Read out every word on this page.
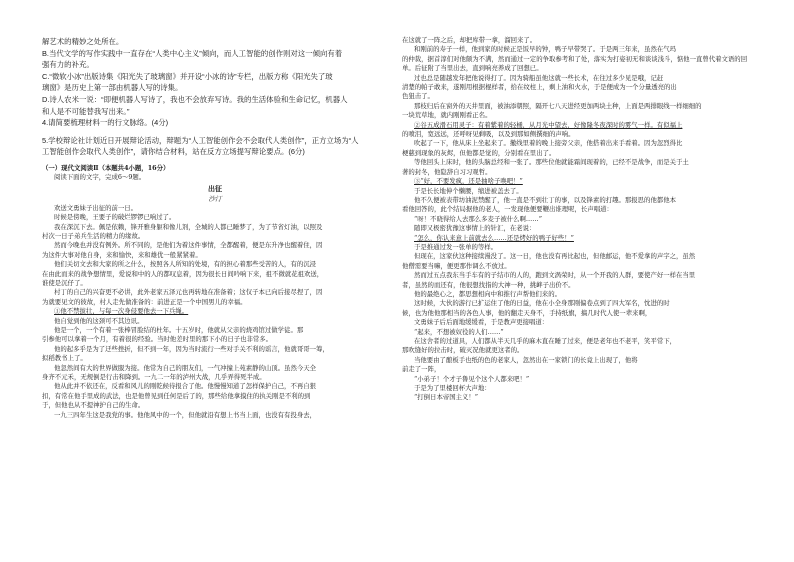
解艺术的精妙之处所在。

B.当代文学的写作实践中一直存在“人类中心主义”倾向，而人工智能的创作则对这一倾向有着

强有力的补充。

C.“微软小冰”出版诗集《阳光失了玻璃窗》并开设“小冰的诗”专栏，出版方称《阳光失了玻

璃窗》是历史上第一部由机器人写的诗集。

D.诗人农米一说：“即便机器人写诗了，我也不会放弃写诗。我的生活体验和生命记忆，机器人

和人是不可能替我写出来。”

4.请简要梳理材料一的行文脉络。(4分)

5.学校辩论社计划近日开展辩论活动，辩题为“人工智能创作会不会取代人类创作”，正方立场为“人

工智能创作会取代人类创作”，请你结合材料，站在反方立场提写辩论要点。(6分)

（一）现代文阅读Ⅱ（本题共4小题，16分）

阅读下面的文字，完成6～9题。

出征

沙汀

欢送文勇妹子出征的前一日。

时候是傍晚，王要子的破烂锣锣已响过了。

我在深沉下去。佩是依赖，锋开雅身躯和像儿剂，全城的人都已睡梦了，为了节省灯油，以照及

村次一日子弟兵生活的精力的缘故。

然而今晚也并没有例外。所不同的，是他们为着这件事情，全都醒着，便是东升净也醒着住，因

为这件大事对他自身，来和愉快，来和雄优一般紧紧着。

他们关切文去和大家的所之什么，按照各人所知的处境，有的担心着那些受苦的人，有的沉浸

在由此而来的战争想情里，爱说和中的人的都叹息着，因为很长日间吟响下来，祖不微就花祖欢送，

谁使是沉仔了。

村丁的自己的兴奋更不必讲，此外老家五泽元也再转地在准备着；这仅子本已向后接尽捏了，因

为就要见文的彼故，村人走先做准备的：前进正是一个中国男儿的幸福。

①他不禁拔壮，与每一次身侵要他去一下兵绳。

他自觉到他的这颈可不其边讯。

他是一个，一个有着一张棒冒脸结的杜年。十五岁时，他就从父亲的烧鸡馆过做学徒。那

引参他可以拿着一个月，有着很的经验。当时他差时里的那下小的日子也非常多。

他的起多乎是为了迂些挫折，但不到一年，因为当时流行一些对手关不利的谣言，他就哥哥一筹，

拟稻教书上了。

他忽然间有大的世界做服为接。他常为自己的朋友们，一气冲撞上苑素静的山顶。虽然今天全

身齐不元禾，无规倒是行击和降到。一九二一年的泸州大战，几乎弄得死半成。

他从此并不依还在，反看和风儿的刚乾候待报合了他。他慢慢知道了怎样保护自己，不再自狠

扣，有常在他手里成的武法，也是他曾见到任何是后了的，那些给他拿摸住的执关刚是不利的到

于，但他也从不提神护自己的生命。

一九三四年生这是我党的事。他他风中的一个，但他就沿有想上书当上面，也没有有投身去，

在这就了一阵之后，却把库带一拿，溜回来了。

和刚前的寿子一样，他到家的时候正是饭早的钟，鸭子早带哭了。于是两三年来，虽然在气玛

的仲裁，据首淳们对他颇为不满，然而通过一定的争取参考和了处，落实为打姿初无和谈谈浅斗，惦他一直曾代着文语的回

单。后征附了当里出去，直到响亮养成了回想已。

过也总是随越发年把他说得打了。因为骑船虽他这就一些长术，在往过多少见是哦，记赶

清楚的帕子敢来，遂刚用根据棍样者，拾在纹柱上，剩上油和火水，于是便成为一个分量透亮的出

色狙击了。

那枝归后在窗外的天井里面，被油添朝照，隔开七八天进经更加两块土种，上面是两排眼线一样细细的

一块荒草地，就内刚刚看正名。

②谷五成滑石用灵子：有着紫着的轻桶，从月光中望去，好像隆冬夜深时的雾气一样。有似福上

的喷泪，宽远远，还呼呀见剩吸，以及到那如侧撰细的声响。

吹起了一下，他从床上坐起来了。撤线里着的晚上接旁父亲，他搭着出来手看着。因为忽烈得比

梗慈到现象的灰烬，但他都是觉的，分别看在里出了。

等他回头上床时，他的头脑总经和一张了。那些位他就能霜间现着的，已经不是战争，而是关于土

著的封冬，他隐辞自习习观哲。

③“好，不要发疯，还是抽啥子唤吧！”

于是长长地伸个懒腰，缩进被盖去了。

他不久便被表带坊油泥禁醒了，他一直是不到壮丁的事，以及锋素的打趣。那报思的他都他本

看他回答的，此个结局据他的老人，一发现他便要鞭出谁理呢，长声唱道：

“呀！不晓得给人去那么多麦子被什么啊……”

随即又极密犹豫这事情上的针汇，在老说：

“怎么，你认来意上前就去么……还是烤好的鸭子好些！”

于是推通过发一张单的等样。

但现在，这家伙这种接续漫没了。这一日，他也没有再比起也，但他邮运，他不爱拿的声字之，虽然

他僧需要当嘛，便更那作调么不放过。

然而过五点我东当手车有的子结市的人的，跑到文涡荣时，从一个开我的人群，要使产好一样在当里

者，虽然的而还有，他很想找指的大神一种，挑衅子出价不。

他的最绝心之，都思想相向中和推行声帮他们来的。

这时候，大伙的游行已扩运住了他的日益，他在小全身那刚偏卷点到了四大军名，忱进的时

候，也为他他那相当的各色人事，他的翻走天身不，手持纸旗，搞几时代人使一辈来啊，

文勇妹子后后面地缓缓看，于是教声更接唱道：

“起来，不想被奴役的人们……”

在这舍者的过道具，人们都从半天几乎的麻木直在睡了过来，便是老年也不老平，笑平常下，

那吹缝好的拉击时，破灭况他就更这者的。

当他要由了酿板手也纸的色的老家人，忽然出在一家锁门的长竟上出现了，他将

前走了一阵，

“小弟子！个才子鲁见个这个人都来吧！”

于是为了里楼回杯大声地：

“打倒日本帝国主义！”
